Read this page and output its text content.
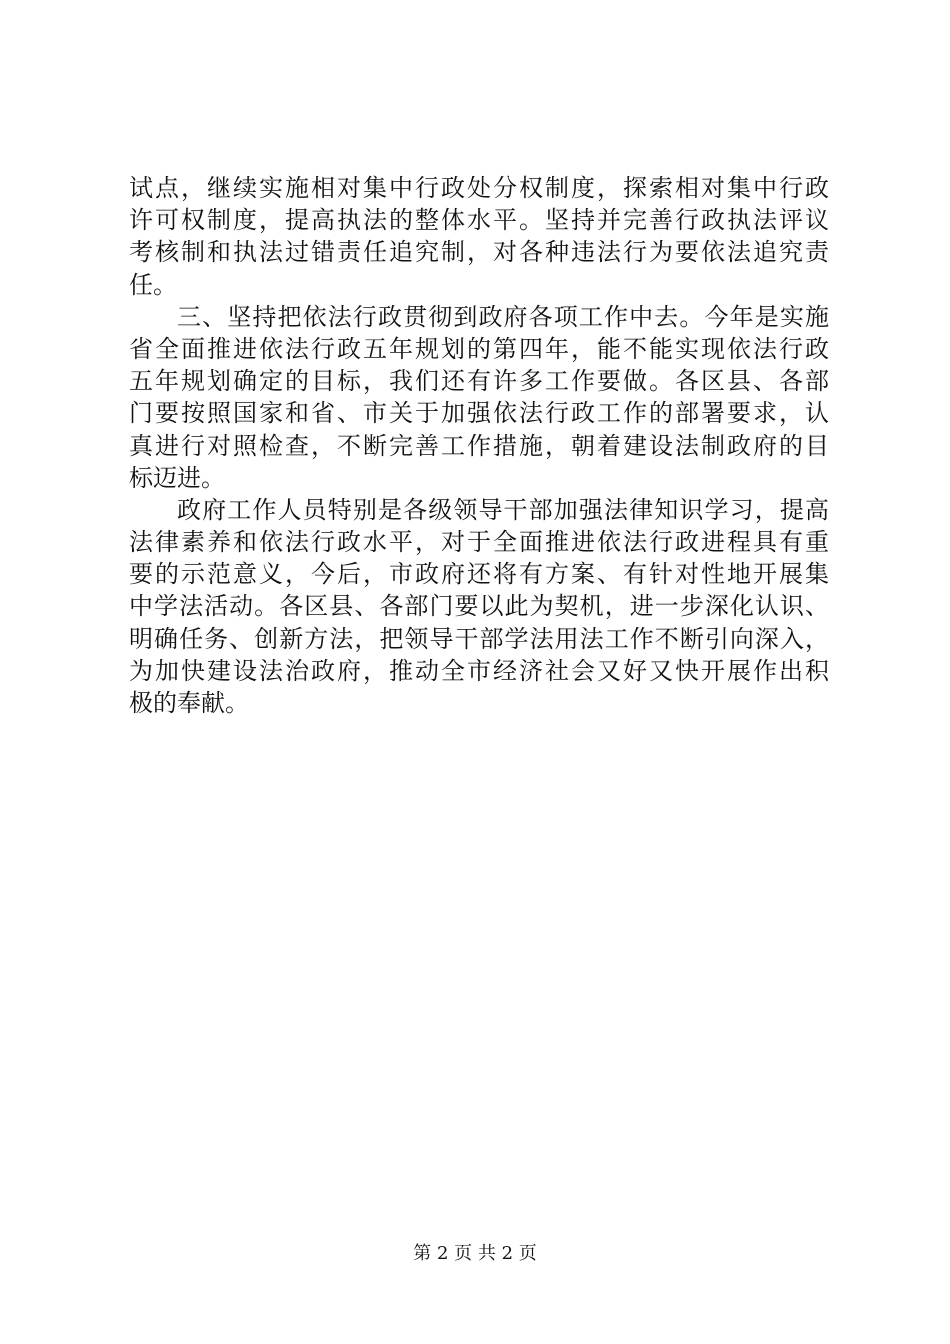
试点，继续实施相对集中行政处分权制度，探索相对集中行政
许可权制度，提高执法的整体水平。坚持并完善行政执法评议
考核制和执法过错责任追究制，对各种违法行为要依法追究责
任。
三、坚持把依法行政贯彻到政府各项工作中去。今年是实施
省全面推进依法行政五年规划的第四年，能不能实现依法行政
五年规划确定的目标，我们还有许多工作要做。各区县、各部
门要按照国家和省、市关于加强依法行政工作的部署要求，认
真进行对照检查，不断完善工作措施，朝着建设法制政府的目
标迈进。
政府工作人员特别是各级领导干部加强法律知识学习，提高
法律素养和依法行政水平，对于全面推进依法行政进程具有重
要的示范意义，今后，市政府还将有方案、有针对性地开展集
中学法活动。各区县、各部门要以此为契机，进一步深化认识、
明确任务、创新方法，把领导干部学法用法工作不断引向深入，
为加快建设法治政府，推动全市经济社会又好又快开展作出积
极的奉献。
第 2 页 共 2 页
